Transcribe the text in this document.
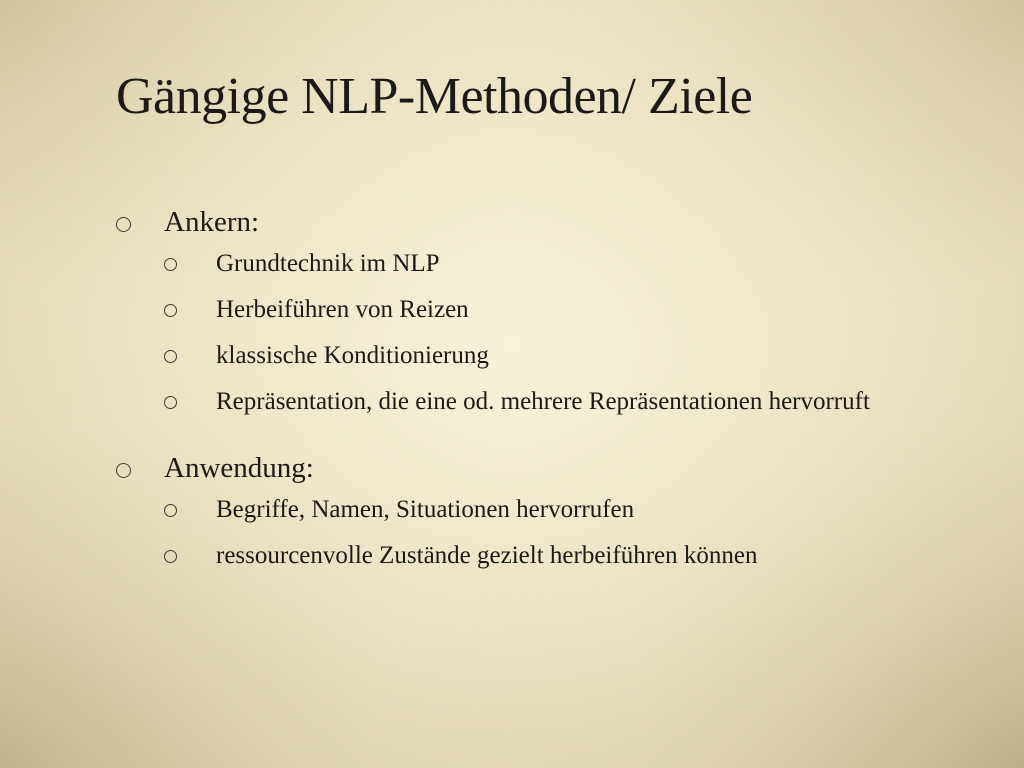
Gängige NLP-Methoden/ Ziele
Ankern:
Grundtechnik im NLP
Herbeiführen von Reizen
klassische Konditionierung
Repräsentation, die eine od. mehrere Repräsentationen hervorruft
Anwendung:
Begriffe, Namen, Situationen hervorrufen
ressourcenvolle Zustände gezielt herbeiführen können
